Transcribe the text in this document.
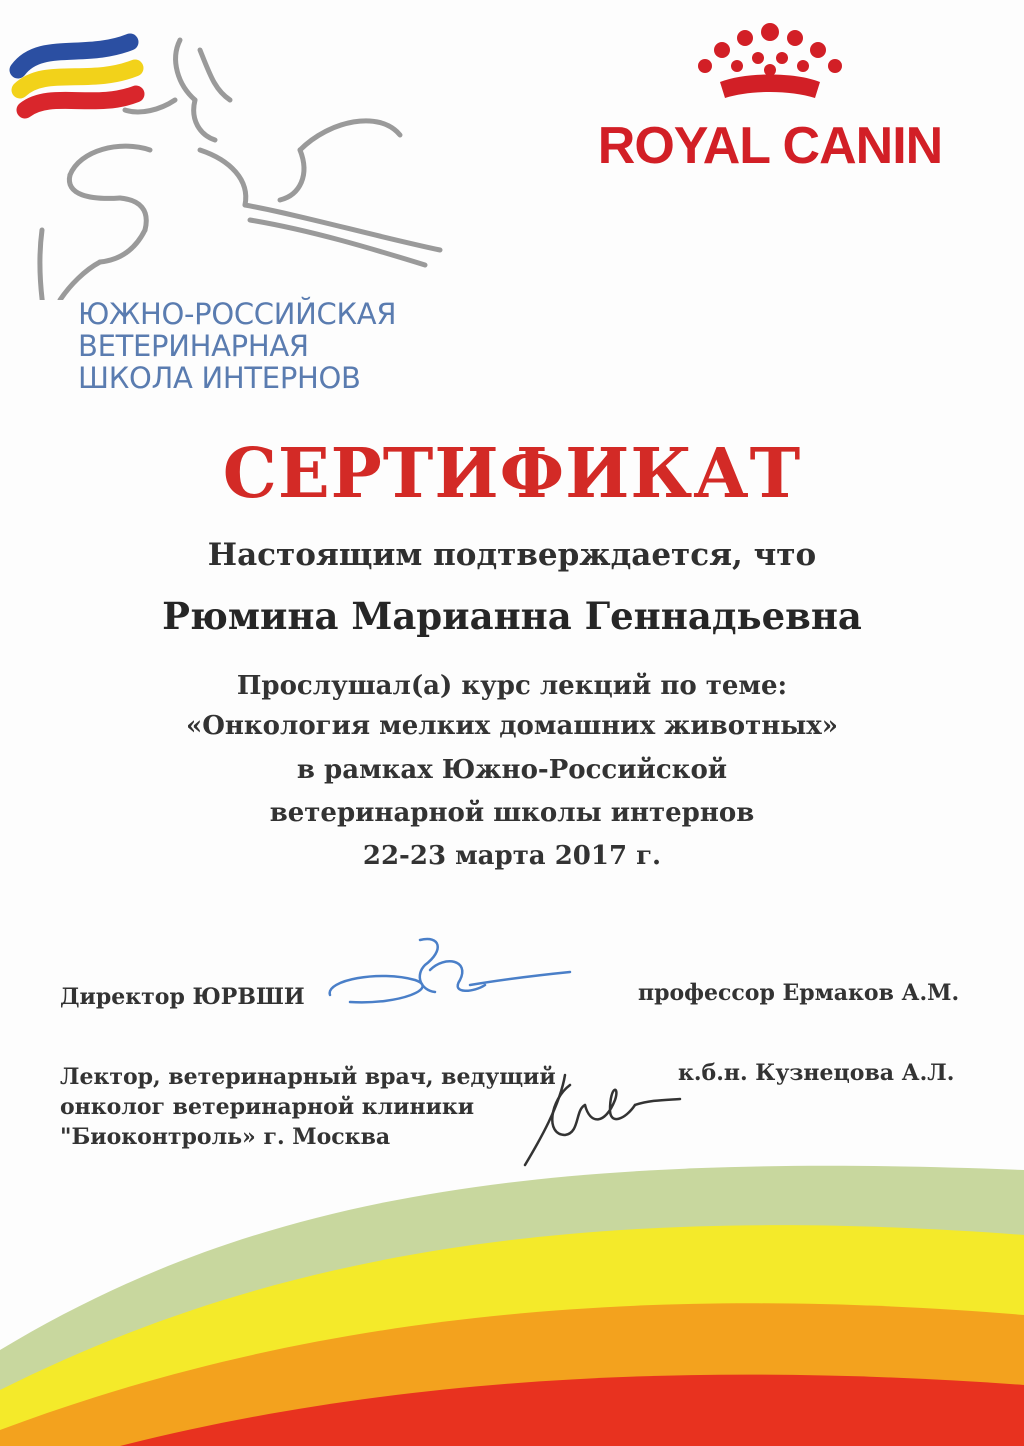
ЮЖНО-РОССИЙСКАЯ
ВЕТЕРИНАРНАЯ
ШКОЛА ИНТЕРНОВ
ROYAL CANIN
СЕРТИФИКАТ
Настоящим подтверждается, что
Рюмина Марианна Геннадьевна
Прослушал(а) курс лекций по теме:
«Онкология мелких домашних животных»
в рамках Южно-Российской
ветеринарной школы интернов
22-23 марта 2017 г.
Директор ЮРВШИ	профессор Ермаков А.М.
Лектор, ветеринарный врач, ведущий
онколог ветеринарной клиники
"Биоконтроль» г. Москва
к.б.н. Кузнецова А.Л.
